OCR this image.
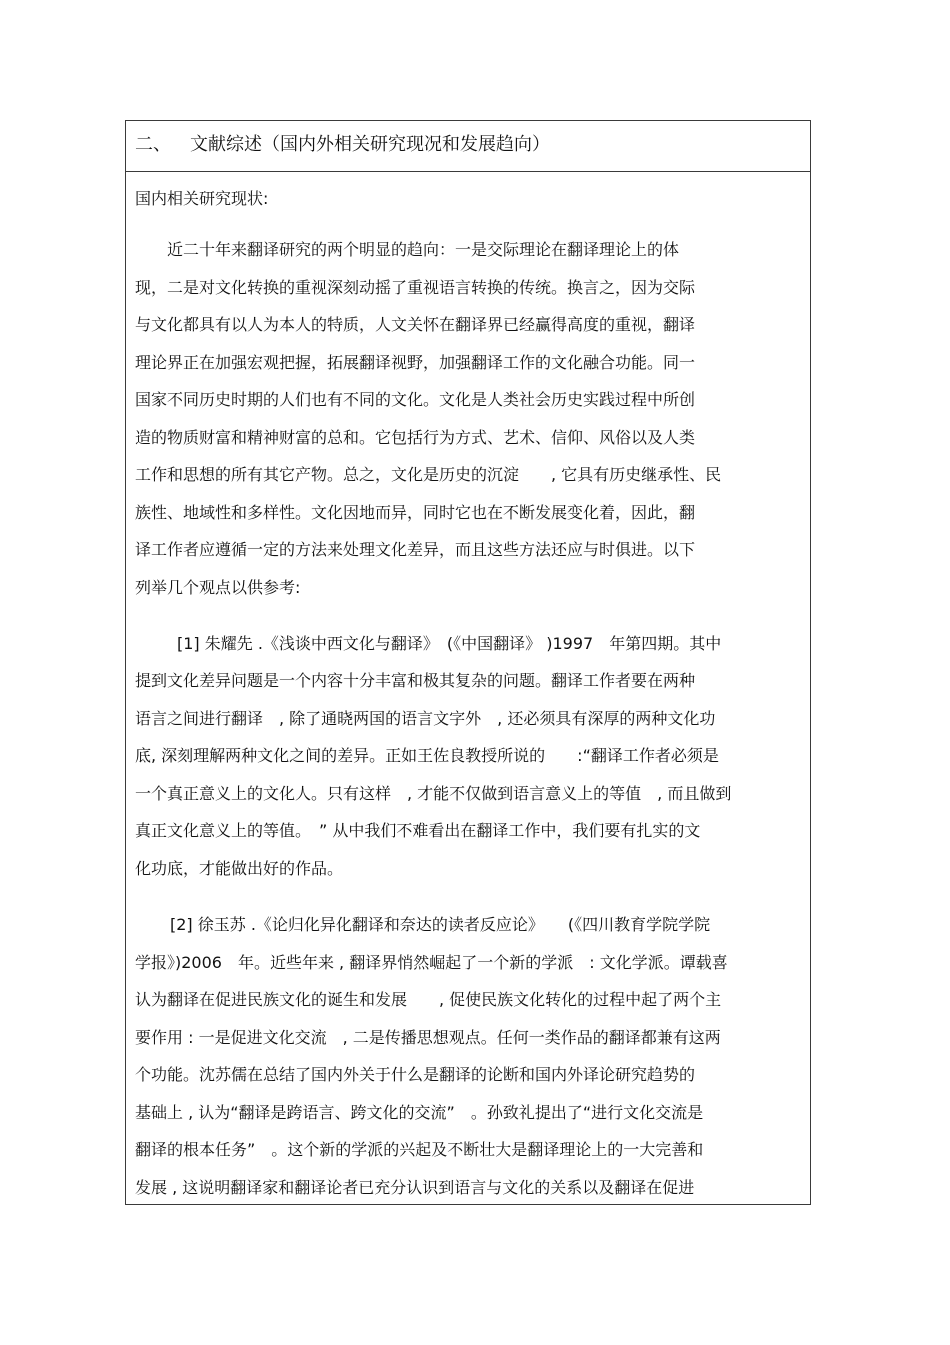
二、 文献综述（国内外相关研究现况和发展趋向）
国内相关研究现状:
近二十年来翻译研究的两个明显的趋向：一是交际理论在翻译理论上的体
现，二是对文化转换的重视深刻动摇了重视语言转换的传统。换言之，因为交际
与文化都具有以人为本人的特质，人文关怀在翻译界已经赢得高度的重视，翻译
理论界正在加强宏观把握，拓展翻译视野，加强翻译工作的文化融合功能。同一
国家不同历史时期的人们也有不同的文化。文化是人类社会历史实践过程中所创
造的物质财富和精神财富的总和。它包括行为方式、艺术、信仰、风俗以及人类
工作和思想的所有其它产物。总之，文化是历史的沉淀　　, 它具有历史继承性、民
族性、地域性和多样性。文化因地而异，同时它也在不断发展变化着，因此，翻
译工作者应遵循一定的方法来处理文化差异，而且这些方法还应与时俱进。以下
列举几个观点以供参考:
[1] 朱耀先 .《浅谈中西文化与翻译》　(《中国翻译》 )1997　年第四期。其中
提到文化差异问题是一个内容十分丰富和极其复杂的问题。翻译工作者要在两种
语言之间进行翻译　, 除了通晓两国的语言文字外　, 还必须具有深厚的两种文化功
底, 深刻理解两种文化之间的差异。正如王佐良教授所说的　　:“翻译工作者必须是
一个真正意义上的文化人。只有这样　, 才能不仅做到语言意义上的等值　, 而且做到
真正文化意义上的等值。　” 从中我们不难看出在翻译工作中，我们要有扎实的文
化功底，才能做出好的作品。
[2] 徐玉苏 .《论归化异化翻译和奈达的读者反应论》　　(《四川教育学院学院
学报》)2006　年。近些年来 , 翻译界悄然崛起了一个新的学派　: 文化学派。谭载喜
认为翻译在促进民族文化的诞生和发展　　, 促使民族文化转化的过程中起了两个主
要作用 : 一是促进文化交流　, 二是传播思想观点。任何一类作品的翻译都兼有这两
个功能。沈苏儒在总结了国内外关于什么是翻译的论断和国内外译论研究趋势的
基础上 , 认为“翻译是跨语言、跨文化的交流”　。孙致礼提出了“进行文化交流是
翻译的根本任务”　。这个新的学派的兴起及不断壮大是翻译理论上的一大完善和
发展 , 这说明翻译家和翻译论者已充分认识到语言与文化的关系以及翻译在促进
